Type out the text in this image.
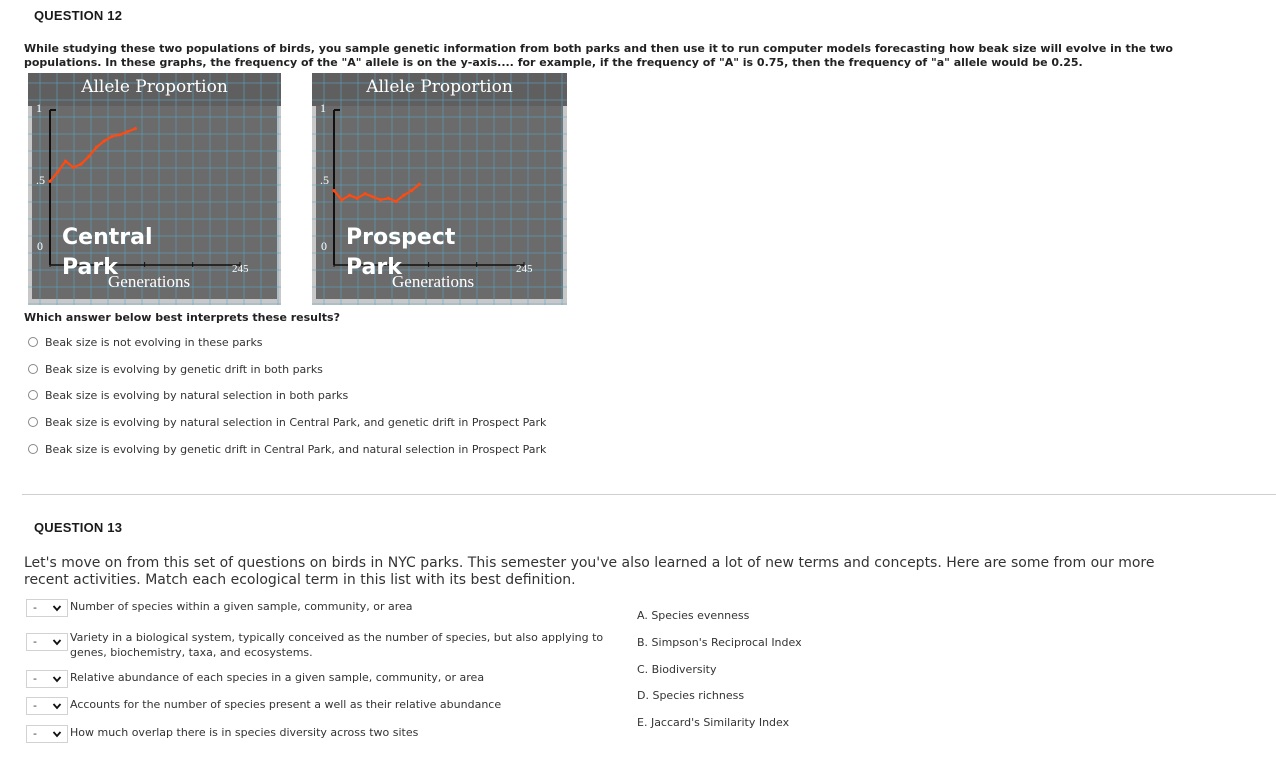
QUESTION 12
While studying these two populations of birds, you sample genetic information from both parks and then use it to run computer models forecasting how beak size will evolve in the two populations. In these graphs, the frequency of the "A" allele is on the y-axis.... for example, if the frequency of "A" is 0.75, then the frequency of "a" allele would be 0.25.
Allele Proportion
1
.5
0
245
Central
Park
Generations
Allele Proportion
1
.5
0
245
Prospect
Park
Generations
Which answer below best interprets these results?
Beak size is not evolving in these parks
Beak size is evolving by genetic drift in both parks
Beak size is evolving by natural selection in both parks
Beak size is evolving by natural selection in Central Park, and genetic drift in Prospect Park
Beak size is evolving by genetic drift in Central Park, and natural selection in Prospect Park
QUESTION 13
Let's move on from this set of questions on birds in NYC parks. This semester you've also learned a lot of new terms and concepts. Here are some from our more recent activities. Match each ecological term in this list with its best definition.
-	Number of species within a given sample, community, or area
-	Variety in a biological system, typically conceived as the number of species, but also applying to genes, biochemistry, taxa, and ecosystems.
-	Relative abundance of each species in a given sample, community, or area
-	Accounts for the number of species present a well as their relative abundance
-	How much overlap there is in species diversity across two sites
A. Species evenness
B. Simpson's Reciprocal Index
C. Biodiversity
D. Species richness
E. Jaccard's Similarity Index
